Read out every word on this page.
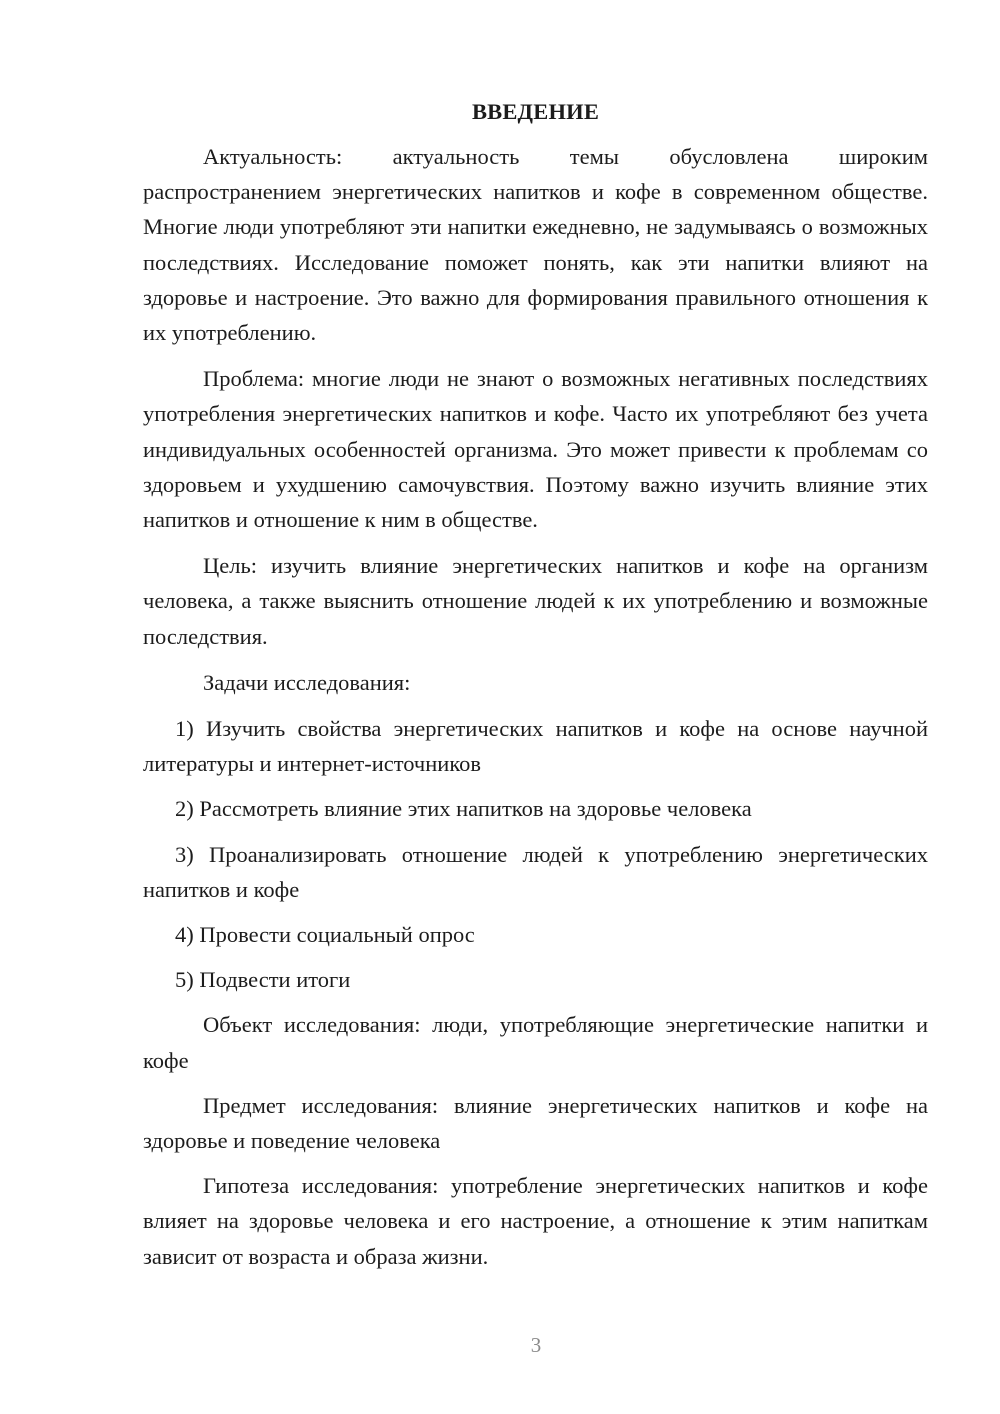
ВВЕДЕНИЕ

Актуальность: актуальность темы обусловлена широким распространением энергетических напитков и кофе в современном обществе. Многие люди употребляют эти напитки ежедневно, не задумываясь о возможных последствиях. Исследование поможет понять, как эти напитки влияют на здоровье и настроение. Это важно для формирования правильного отношения к их употреблению.

Проблема: многие люди не знают о возможных негативных последствиях употребления энергетических напитков и кофе. Часто их употребляют без учета индивидуальных особенностей организма. Это может привести к проблемам со здоровьем и ухудшению самочувствия. Поэтому важно изучить влияние этих напитков и отношение к ним в обществе.

Цель: изучить влияние энергетических напитков и кофе на организм человека, а также выяснить отношение людей к их употреблению и возможные последствия.

Задачи исследования:

1) Изучить свойства энергетических напитков и кофе на основе научной литературы и интернет-источников

2) Рассмотреть влияние этих напитков на здоровье человека

3) Проанализировать отношение людей к употреблению энергетических напитков и кофе

4) Провести социальный опрос

5) Подвести итоги

Объект исследования: люди, употребляющие энергетические напитки и кофе

Предмет исследования: влияние энергетических напитков и кофе на здоровье и поведение человека

Гипотеза исследования: употребление энергетических напитков и кофе влияет на здоровье человека и его настроение, а отношение к этим напиткам зависит от возраста и образа жизни.

3
